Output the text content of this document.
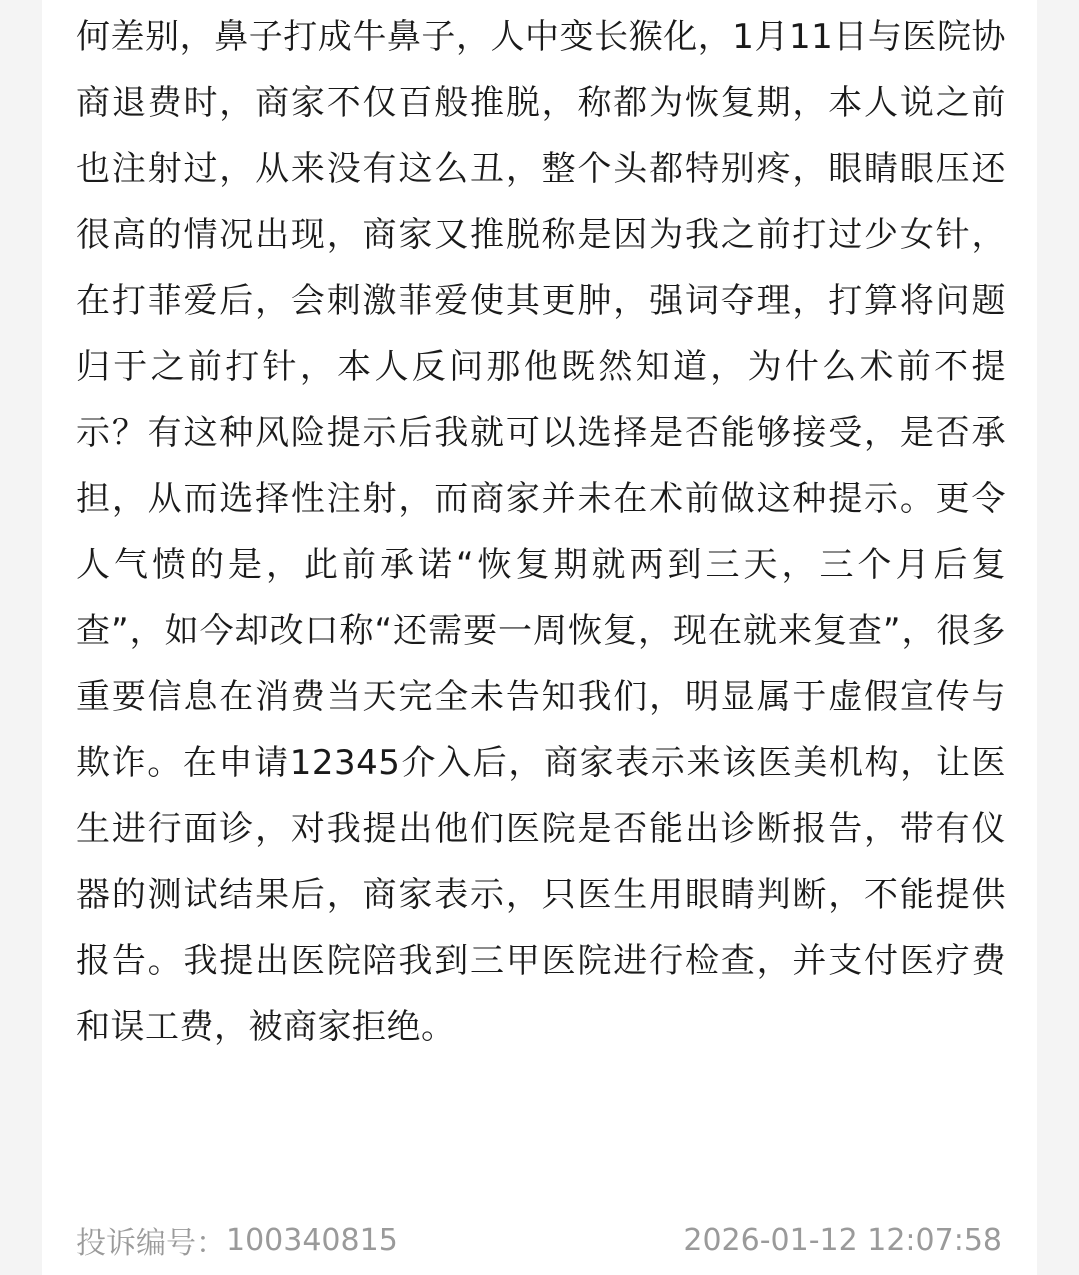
何差别，鼻子打成牛鼻子，人中变长猴化，1月11日与医院协商退费时，商家不仅百般推脱，称都为恢复期，本人说之前也注射过，从来没有这么丑，整个头都特别疼，眼睛眼压还很高的情况出现，商家又推脱称是因为我之前打过少女针，在打菲爱后，会刺激菲爱使其更肿，强词夺理，打算将问题归于之前打针，本人反问那他既然知道，为什么术前不提示？有这种风险提示后我就可以选择是否能够接受，是否承担，从而选择性注射，而商家并未在术前做这种提示。更令人气愤的是，此前承诺“恢复期就两到三天，三个月后复查”，如今却改口称“还需要一周恢复，现在就来复查”，很多重要信息在消费当天完全未告知我们，明显属于虚假宣传与欺诈。在申请12345介入后，商家表示来该医美机构，让医生进行面诊，对我提出他们医院是否能出诊断报告，带有仪器的测试结果后，商家表示，只医生用眼睛判断，不能提供报告。我提出医院陪我到三甲医院进行检查，并支付医疗费和误工费，被商家拒绝。

投诉编号： 100340815	2026-01-12 12:07:58
